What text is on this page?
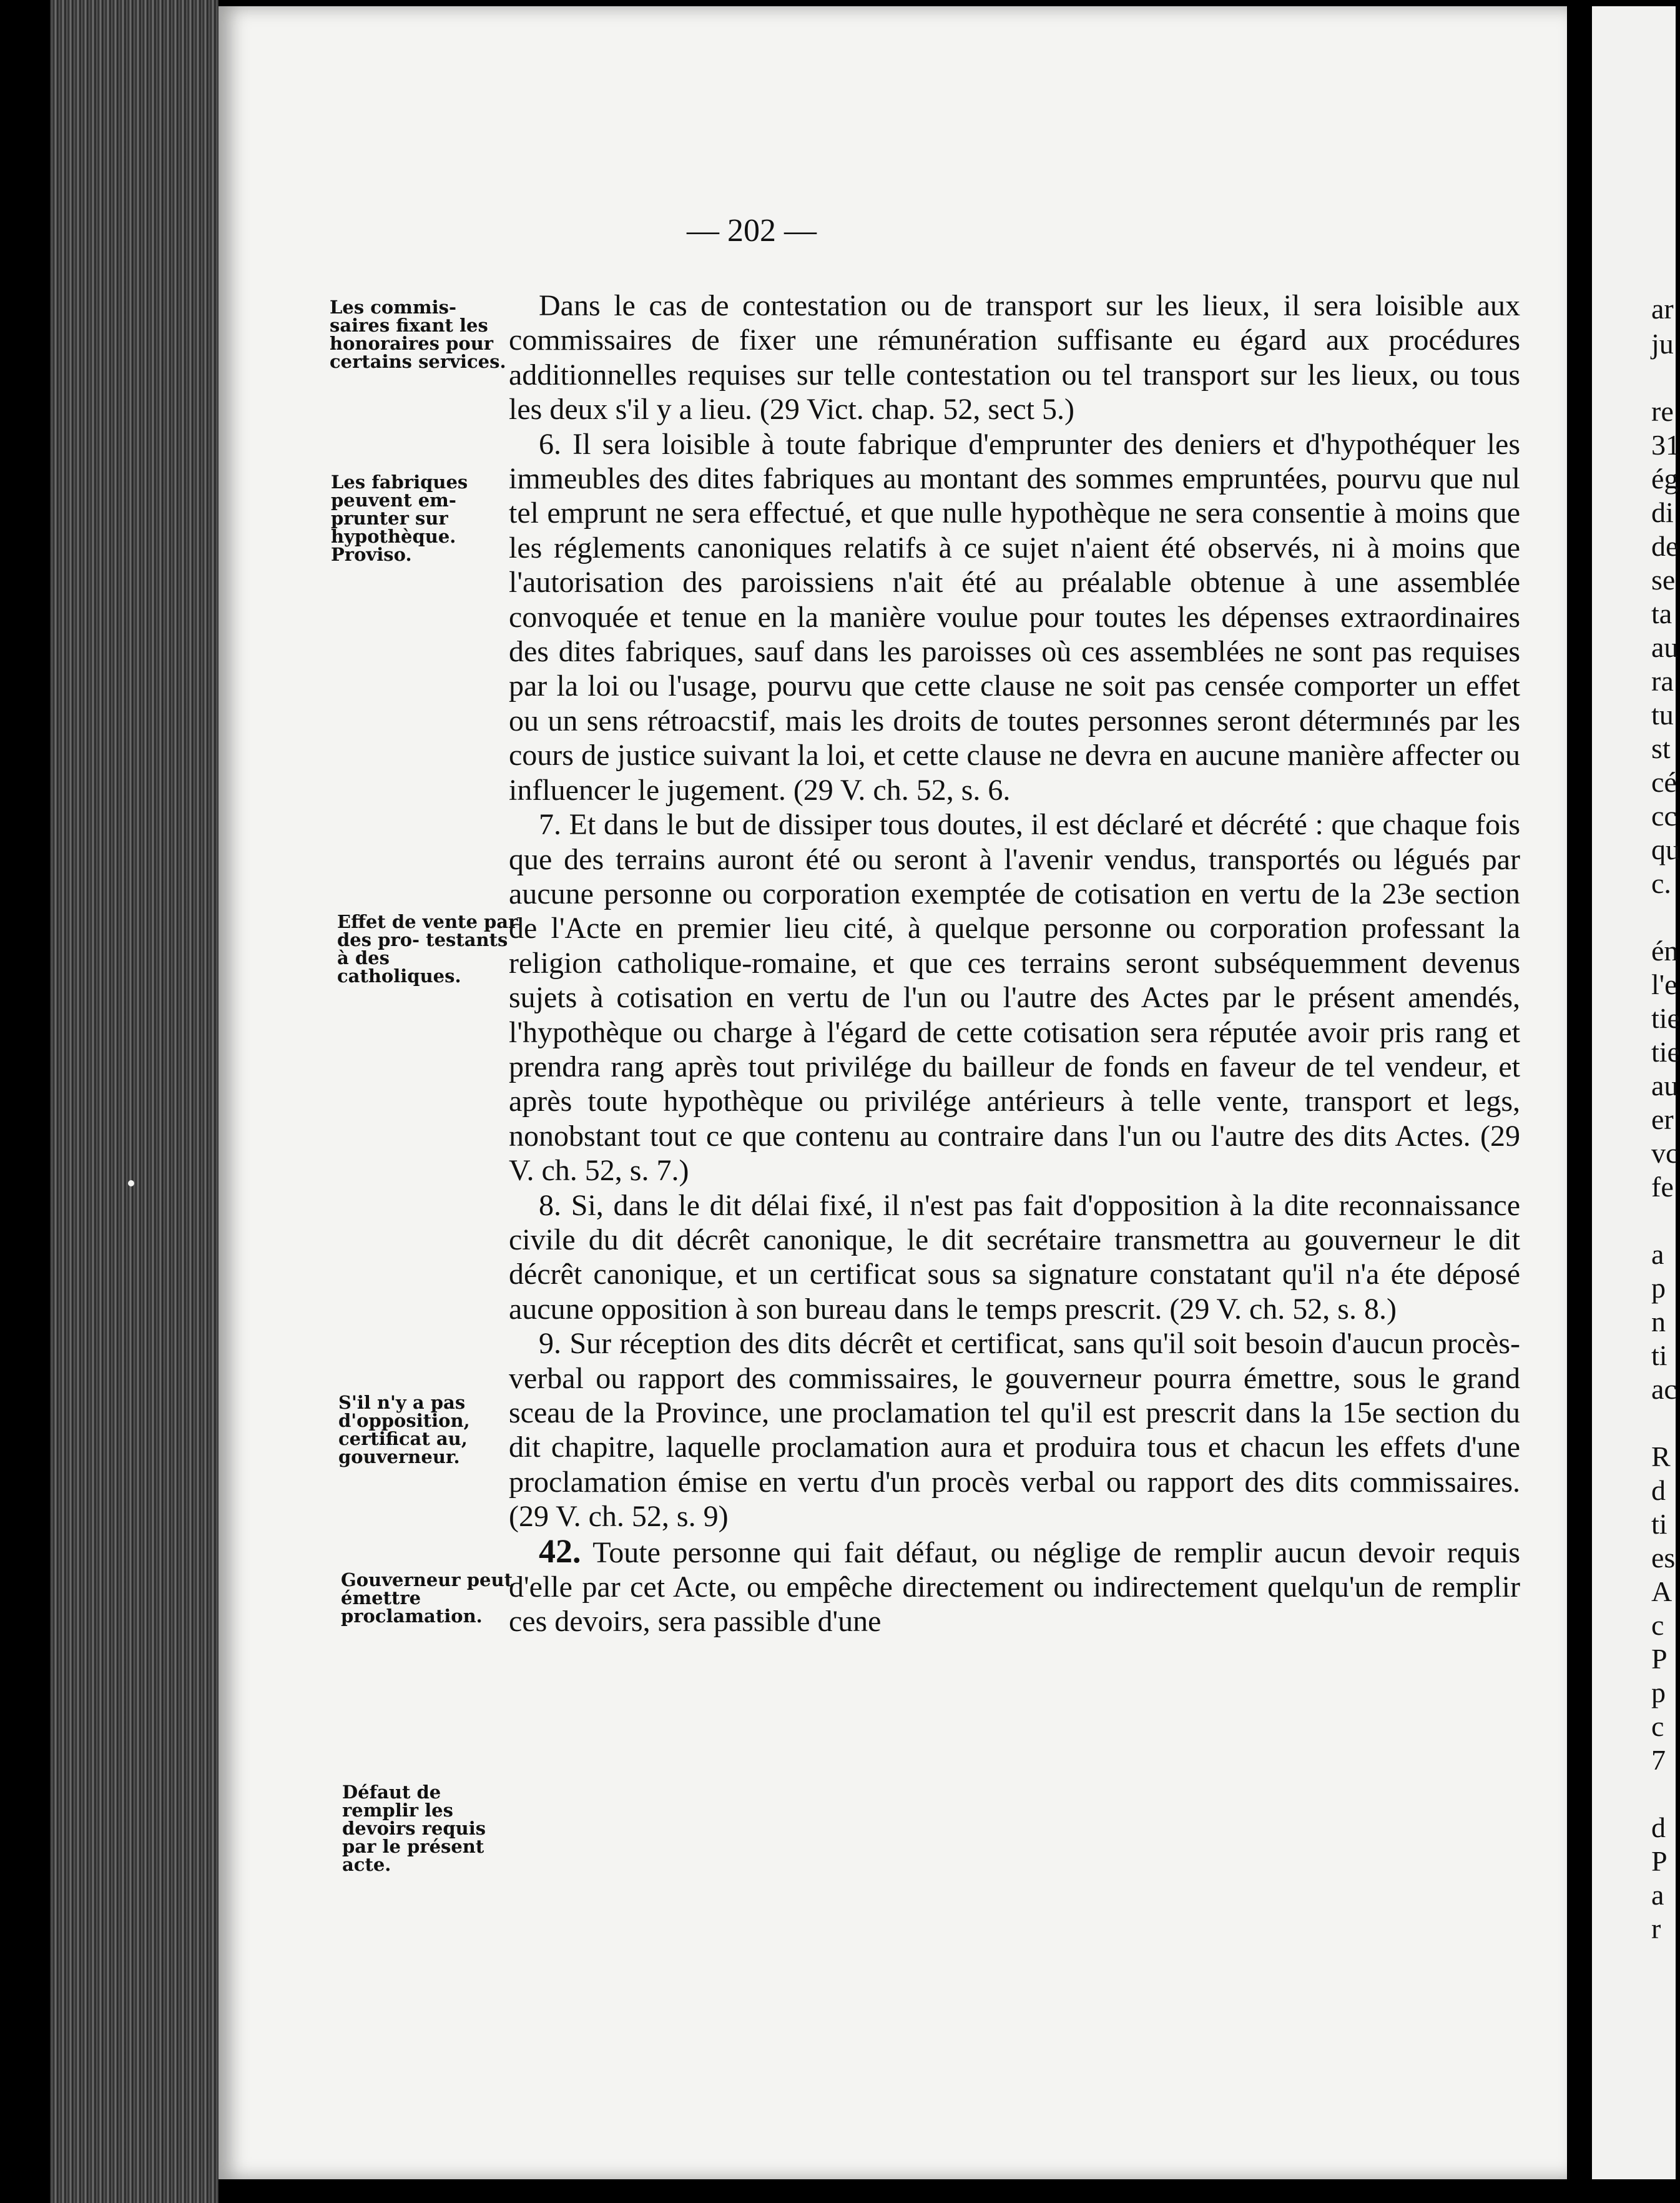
ar
ju
re
31
ég
di
de
se
ta
au
ra
tu
st
cé
cc
qu
c.
én
l'e
tie
tie
au
er
vc
fe
a
p
n
ti
ac
R
d
ti
es
A
c
P
p
c
7
d
P
a
r
— 202 —
Les commis- saires fixant les honoraires pour certains services.
Les fabriques peuvent em- prunter sur hypothèque. Proviso.
Effet de vente par des pro- testants à des catholiques.
S'il n'y a pas d'opposition, certificat au, gouverneur.
Gouverneur peut émettre proclamation.
Défaut de remplir les devoirs requis par le présent acte.

Dans le cas de contestation ou de transport sur les lieux, il sera loisible aux commissaires de fixer une rémunération suffisante eu égard aux procédures additionnelles requises sur telle contestation ou tel transport sur les lieux, ou tous les deux s'il y a lieu. (29 Vict. chap. 52, sect 5.)

6. Il sera loisible à toute fabrique d'emprunter des deniers et d'hypothéquer les immeubles des dites fabriques au montant des sommes empruntées, pourvu que nul tel emprunt ne sera effectué, et que nulle hypothèque ne sera consentie à moins que les réglements canoniques relatifs à ce sujet n'aient été observés, ni à moins que l'autorisation des paroissiens n'ait été au préalable obtenue à une assemblée convoquée et tenue en la manière voulue pour toutes les dépenses extraordinaires des dites fabriques, sauf dans les paroisses où ces assemblées ne sont pas requises par la loi ou l'usage, pourvu que cette clause ne soit pas censée comporter un effet ou un sens rétroacstif, mais les droits de toutes personnes seront détermınés par les cours de justice suivant la loi, et cette clause ne devra en aucune manière affecter ou influencer le jugement. (29 V. ch. 52, s. 6.

7. Et dans le but de dissiper tous doutes, il est déclaré et décrété : que chaque fois que des terrains auront été ou seront à l'avenir vendus, transportés ou légués par aucune personne ou corporation exemptée de cotisation en vertu de la 23e section de l'Acte en premier lieu cité, à quelque personne ou corporation professant la religion catholique-romaine, et que ces terrains seront subséquemment devenus sujets à cotisation en vertu de l'un ou l'autre des Actes par le présent amendés, l'hypothèque ou charge à l'égard de cette cotisation sera réputée avoir pris rang et prendra rang après tout privilége du bailleur de fonds en faveur de tel vendeur, et après toute hypothèque ou privilége antérieurs à telle vente, transport et legs, nonobstant tout ce que contenu au contraire dans l'un ou l'autre des dits Actes. (29 V. ch. 52, s. 7.)

8. Si, dans le dit délai fixé, il n'est pas fait d'opposition à la dite reconnaissance civile du dit décrêt canonique, le dit secrétaire transmettra au gouverneur le dit décrêt canonique, et un certificat sous sa signature constatant qu'il n'a éte déposé aucune opposition à son bureau dans le temps prescrit. (29 V. ch. 52, s. 8.)

9. Sur réception des dits décrêt et certificat, sans qu'il soit besoin d'aucun procès-verbal ou rapport des commissaires, le gouverneur pourra émettre, sous le grand sceau de la Province, une proclamation tel qu'il est prescrit dans la 15e section du dit chapitre, laquelle proclamation aura et produira tous et chacun les effets d'une proclamation émise en vertu d'un procès verbal ou rapport des dits commissaires. (29 V. ch. 52, s. 9)

42. Toute personne qui fait défaut, ou néglige de remplir aucun devoir requis d'elle par cet Acte, ou empêche directement ou indirectement quelqu'un de remplir ces devoirs, sera passible d'une
